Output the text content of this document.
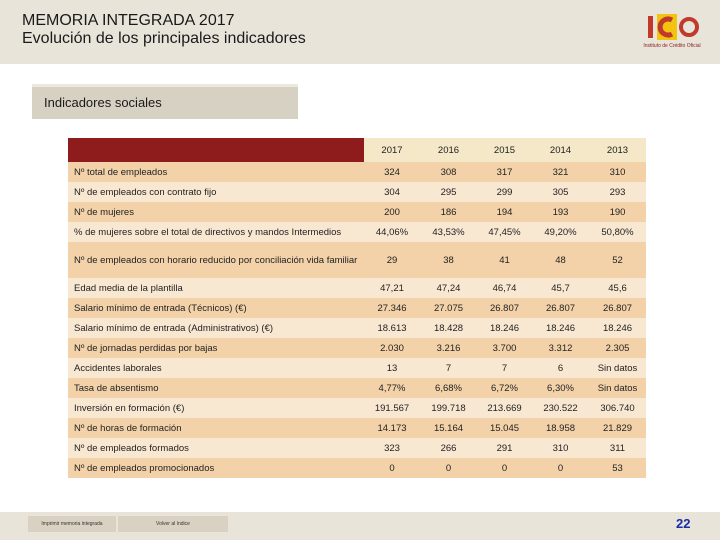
MEMORIA INTEGRADA 2017
Evolución de los principales indicadores	Instituto de Crédito Oficial
Indicadores sociales
	2017	2016	2015	2014	2013
Nº total de empleados	324	308	317	321	310
Nº de empleados con contrato fijo	304	295	299	305	293
Nº de mujeres	200	186	194	193	190
% de mujeres sobre el total de directivos y mandos Intermedios	44,06%	43,53%	47,45%	49,20%	50,80%
Nº de empleados con horario reducido por conciliación vida familiar	29	38	41	48	52
Edad media de la plantilla	47,21	47,24	46,74	45,7	45,6
Salario mínimo de entrada (Técnicos) (€)	27.346	27.075	26.807	26.807	26.807
Salario mínimo de entrada (Administrativos) (€)	18.613	18.428	18.246	18.246	18.246
Nº de jornadas perdidas por bajas	2.030	3.216	3.700	3.312	2.305
Accidentes laborales	13	7	7	6	Sin datos
Tasa de absentismo	4,77%	6,68%	6,72%	6,30%	Sin datos
Inversión en formación (€)	191.567	199.718	213.669	230.522	306.740
Nº de horas de formación	14.173	15.164	15.045	18.958	21.829
Nº de empleados formados	323	266	291	310	311
Nº de empleados promocionados	0	0	0	0	53
Imprimir memoria integrada	Volver al índice	22
